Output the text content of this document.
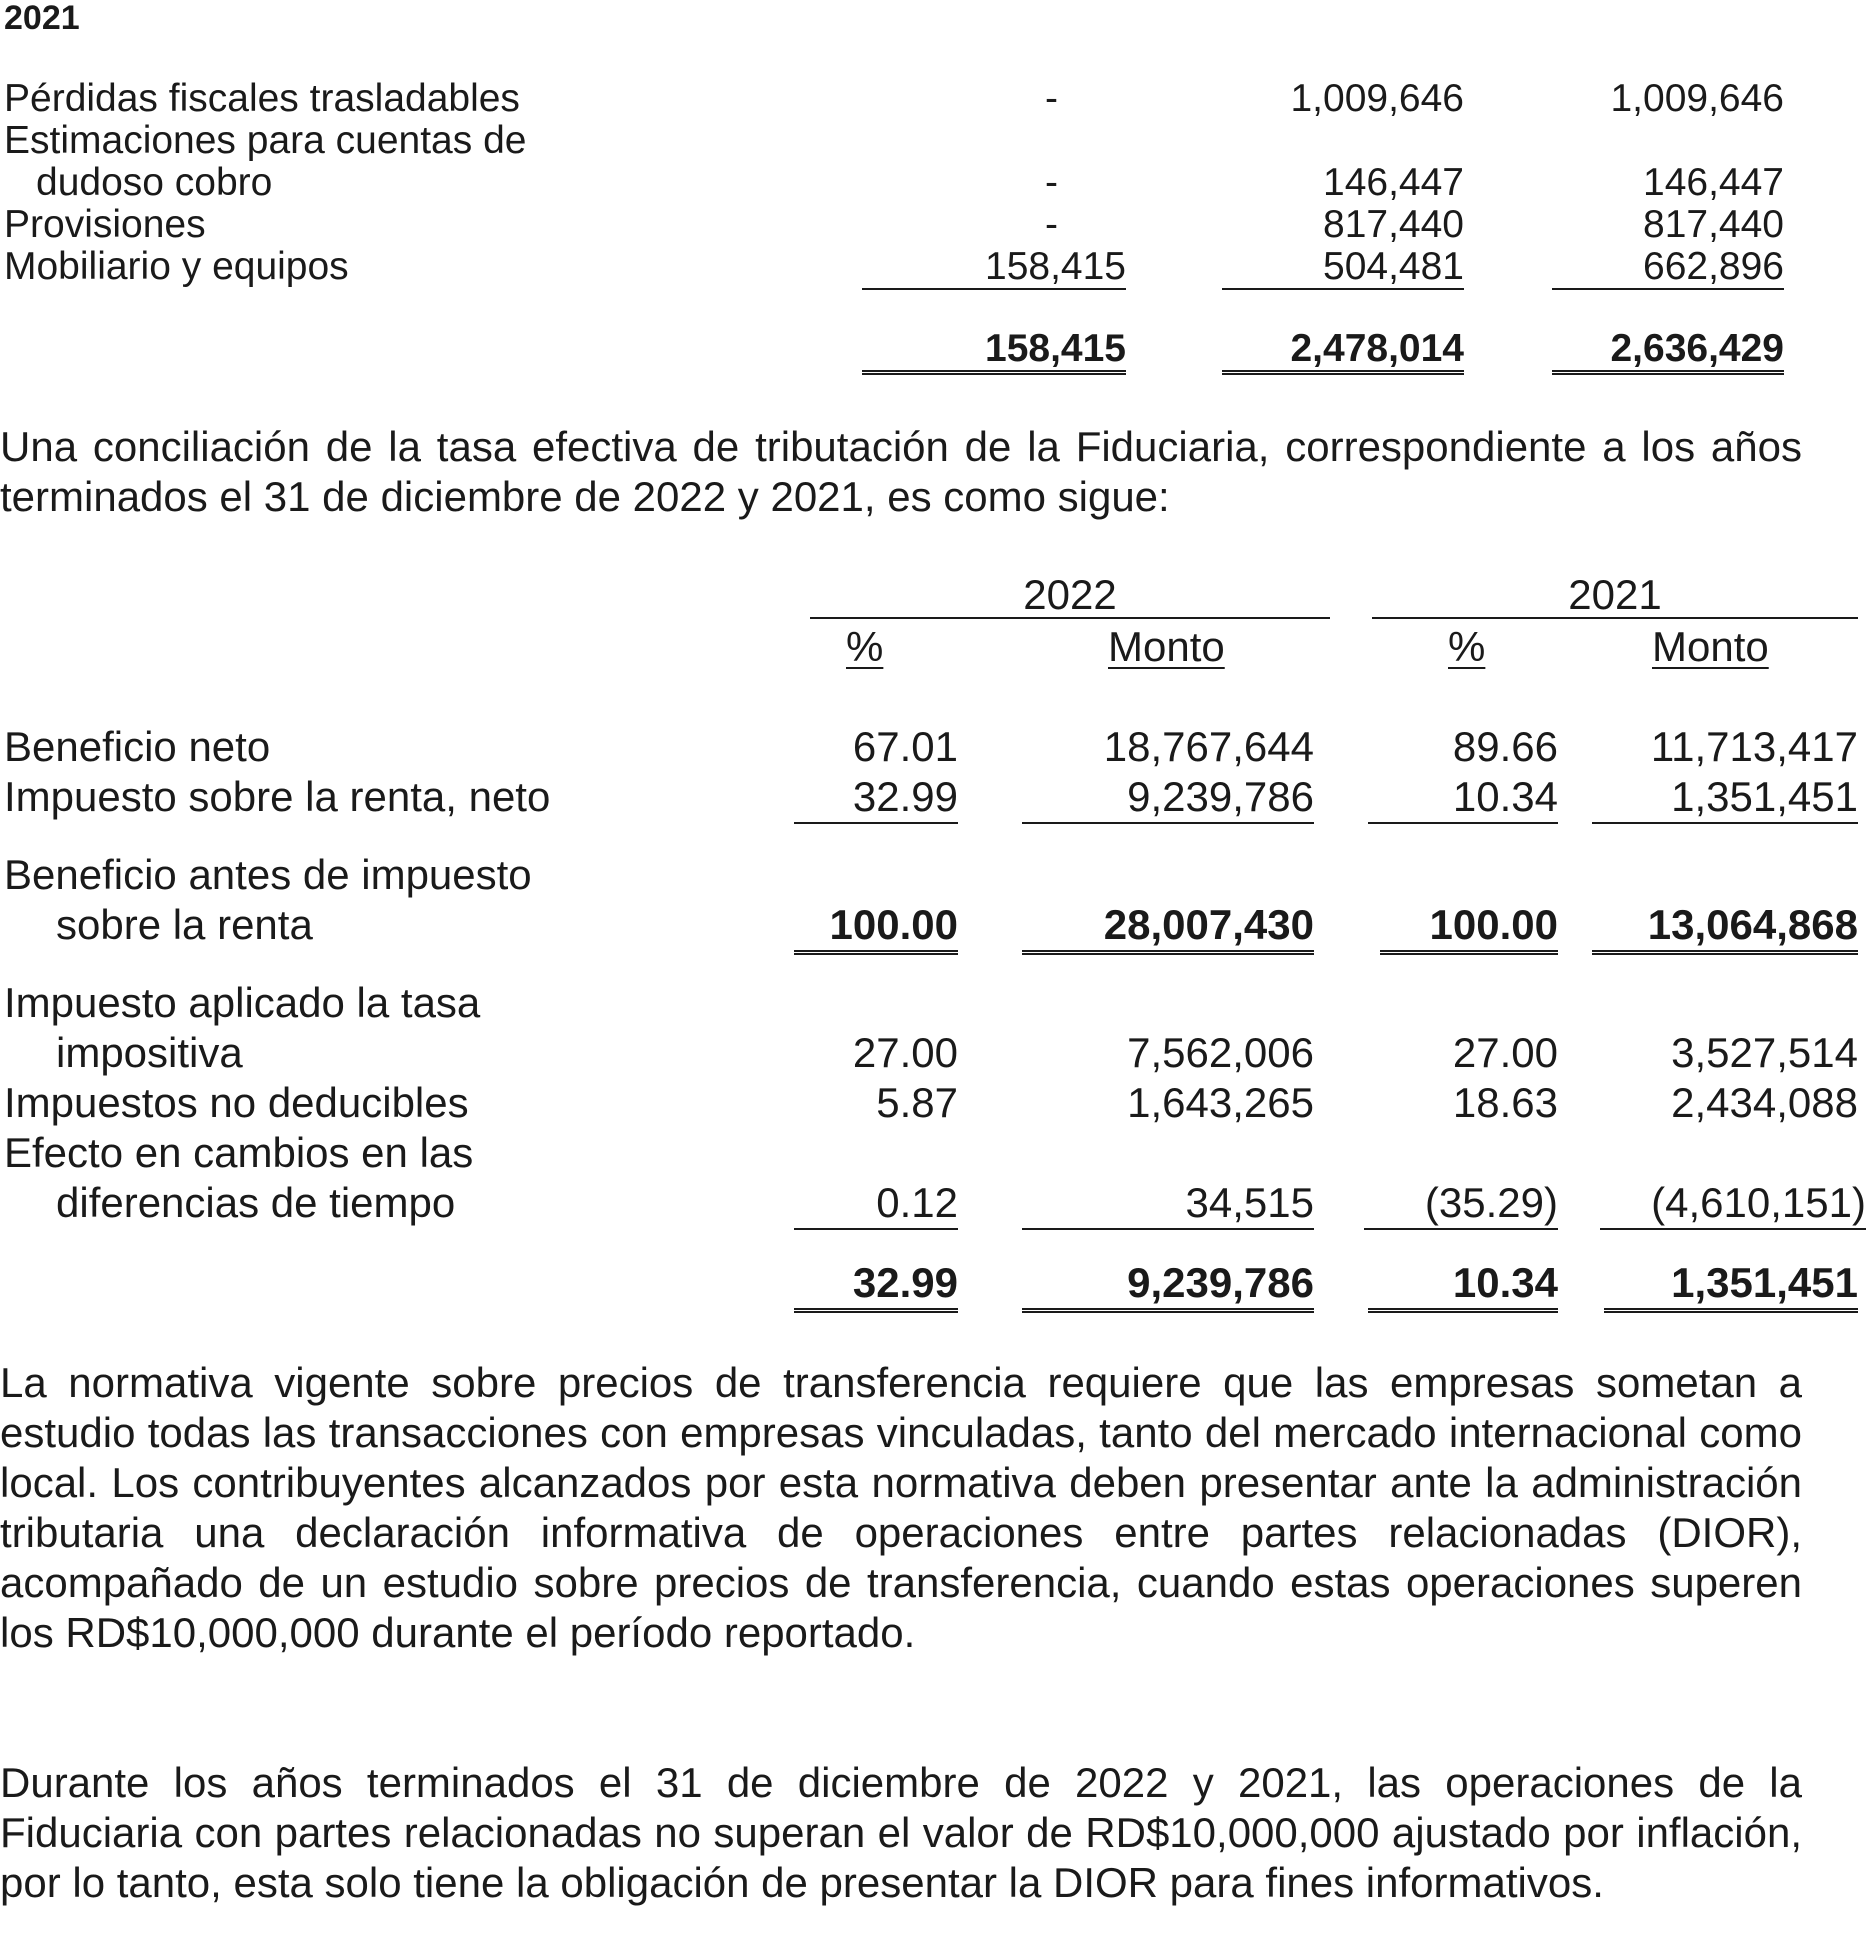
2021
Pérdidas fiscales trasladables	-	1,009,646	1,009,646
Estimaciones para cuentas de
dudoso cobro	-	146,447	146,447
Provisiones	-	817,440	817,440
Mobiliario y equipos	158,415	504,481	662,896
158,415	2,478,014	2,636,429
Una conciliación de la tasa efectiva de tributación de la Fiduciaria, correspondiente a los años terminados el 31 de diciembre de 2022 y 2021, es como sigue:
2022	2021
%	Monto	%	Monto
Beneficio neto	67.01	18,767,644	89.66	11,713,417
Impuesto sobre la renta, neto	32.99	9,239,786	10.34	1,351,451
Beneficio antes de impuesto
sobre la renta	100.00	28,007,430	100.00	13,064,868
Impuesto aplicado la tasa
impositiva	27.00	7,562,006	27.00	3,527,514
Impuestos no deducibles	5.87	1,643,265	18.63	2,434,088
Efecto en cambios en las
diferencias de tiempo	0.12	34,515	(35.29)	(4,610,151)
32.99	9,239,786	10.34	1,351,451
La normativa vigente sobre precios de transferencia requiere que las empresas sometan a estudio todas las transacciones con empresas vinculadas, tanto del mercado internacional como local. Los contribuyentes alcanzados por esta normativa deben presentar ante la administración tributaria una declaración informativa de operaciones entre partes relacionadas (DIOR), acompañado de un estudio sobre precios de transferencia, cuando estas operaciones superen los RD$10,000,000 durante el período reportado.
Durante los años terminados el 31 de diciembre de 2022 y 2021, las operaciones de la Fiduciaria con partes relacionadas no superan el valor de RD$10,000,000 ajustado por inflación, por lo tanto, esta solo tiene la obligación de presentar la DIOR para fines informativos.
